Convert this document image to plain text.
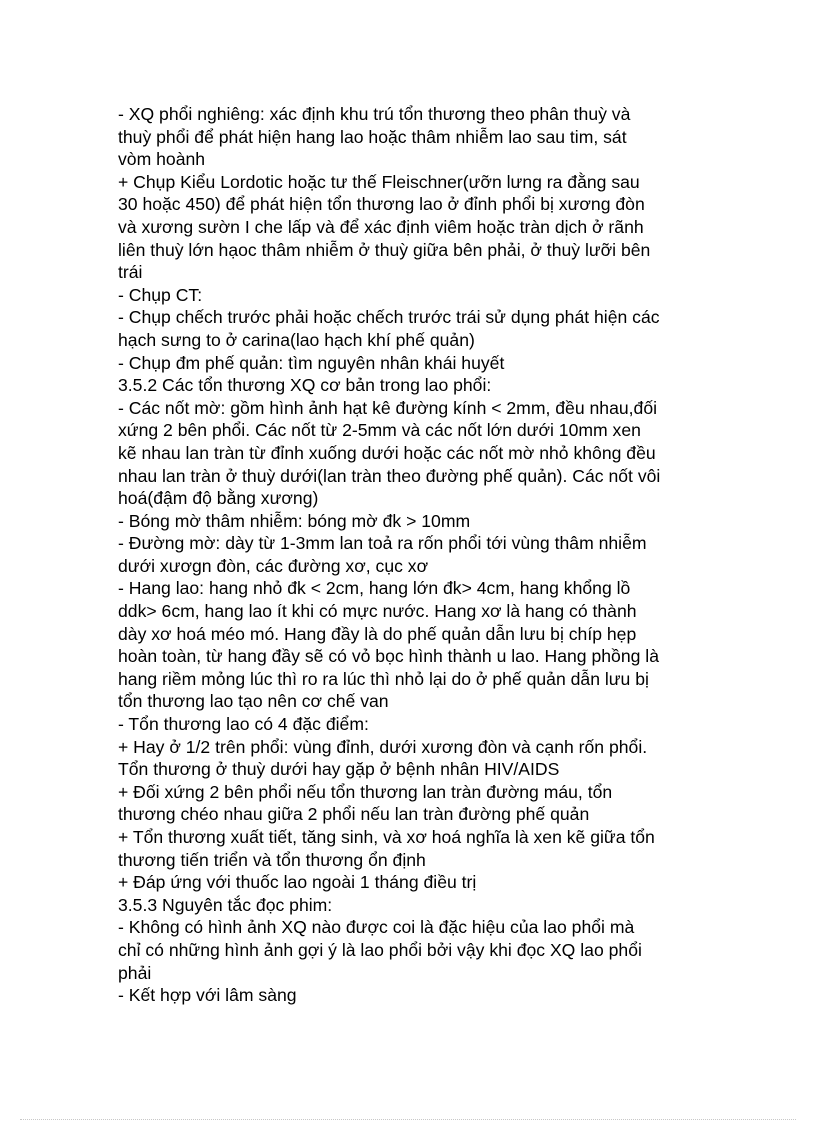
- XQ phổi nghiêng: xác định khu trú tổn thương theo phân thuỳ và
thuỳ phổi để phát hiện hang lao hoặc thâm nhiễm lao sau tim, sát
vòm hoành
+ Chụp Kiểu Lordotic hoặc tư thế Fleischner(ưỡn lưng ra đằng sau
30 hoặc 450) để phát hiện tổn thương lao ở đỉnh phổi bị xương đòn
và xương sườn I che lấp và để xác định viêm hoặc tràn dịch ở rãnh
liên thuỳ lớn hạoc thâm nhiễm ở thuỳ giữa bên phải, ở thuỳ lưỡi bên
trái
- Chụp CT:
- Chụp chếch trước phải hoặc chếch trước trái sử dụng phát hiện các
hạch sưng to ở carina(lao hạch khí phế quản)
- Chụp đm phế quản: tìm nguyên nhân khái huyết
3.5.2 Các tổn thương XQ cơ bản trong lao phổi:
- Các nốt mờ: gồm hình ảnh hạt kê đường kính < 2mm, đều nhau,đối
xứng 2 bên phổi. Các nốt từ 2-5mm và các nốt lớn dưới 10mm xen
kẽ nhau lan tràn từ đỉnh xuống dưới hoặc các nốt mờ nhỏ không đều
nhau lan tràn ở thuỳ dưới(lan tràn theo đường phế quản). Các nốt vôi
hoá(đậm độ bằng xương)
- Bóng mờ thâm nhiễm: bóng mờ đk > 10mm
- Đường mờ: dày từ 1-3mm lan toả ra rốn phổi tới vùng thâm nhiễm
dưới xươgn đòn, các đường xơ, cục xơ
- Hang lao: hang nhỏ đk < 2cm, hang lớn đk> 4cm, hang khổng lồ
ddk> 6cm, hang lao ít khi có mực nước. Hang xơ là hang có thành
dày xơ hoá méo mó. Hang đầy là do phế quản dẫn lưu bị chíp hẹp
hoàn toàn, từ hang đầy sẽ có vỏ bọc hình thành u lao. Hang phồng là
hang riềm mỏng lúc thì ro ra lúc thì nhỏ lại do ở phế quản dẫn lưu bị
tổn thương lao tạo nên cơ chế van
- Tổn thương lao có 4 đặc điểm:
+ Hay ở 1/2 trên phổi: vùng đỉnh, dưới xương đòn và cạnh rốn phổi.
Tổn thương ở thuỳ dưới hay gặp ở bệnh nhân HIV/AIDS
+ Đối xứng 2 bên phổi nếu tổn thương lan tràn đường máu, tổn
thương chéo nhau giữa 2 phổi nếu lan tràn đường phế quản
+ Tổn thương xuất tiết, tăng sinh, và xơ hoá nghĩa là xen kẽ giữa tổn
thương tiến triển và tổn thương ổn định
+ Đáp ứng với thuốc lao ngoài 1 tháng điều trị
3.5.3 Nguyên tắc đọc phim:
- Không có hình ảnh XQ nào được coi là đặc hiệu của lao phổi mà
chỉ có những hình ảnh gợi ý là lao phổi bởi vậy khi đọc XQ lao phổi
phải
- Kết hợp với lâm sàng
